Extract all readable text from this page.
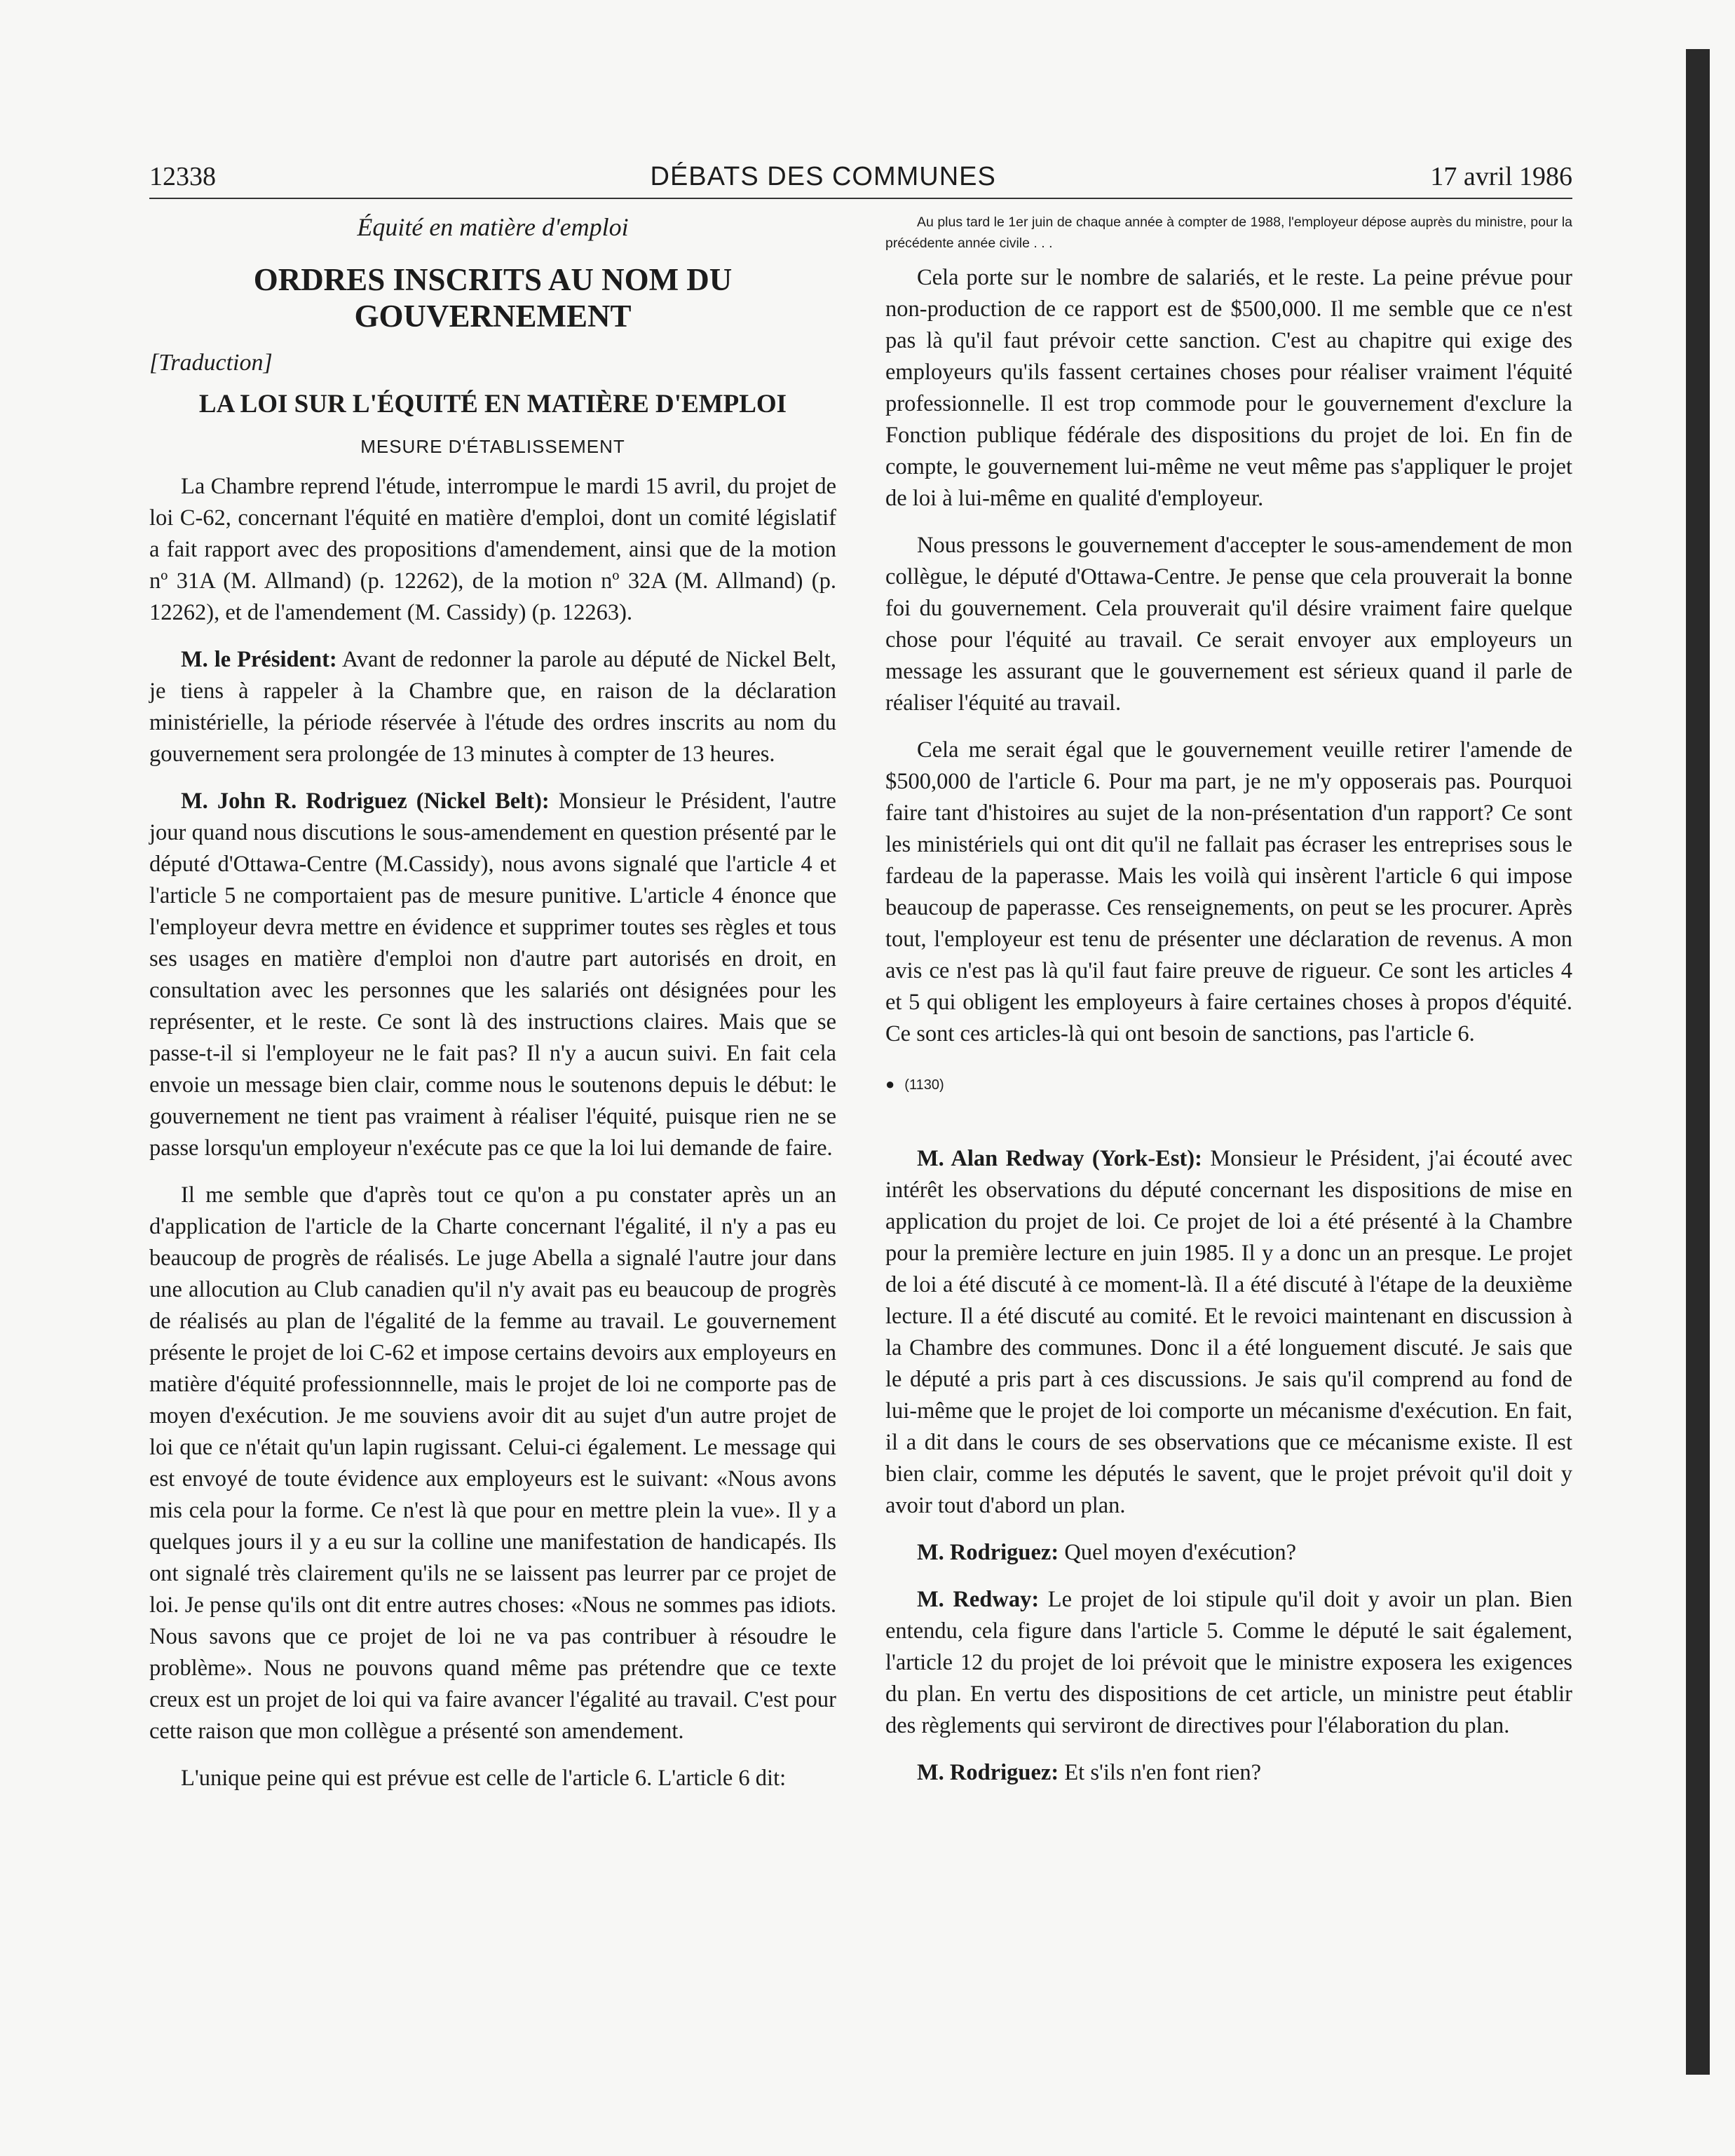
12338	DÉBATS DES COMMUNES	17 avril 1986
Équité en matière d'emploi
ORDRES INSCRITS AU NOM DU GOUVERNEMENT
[Traduction]
LA LOI SUR L'ÉQUITÉ EN MATIÈRE D'EMPLOI
MESURE D'ÉTABLISSEMENT

La Chambre reprend l'étude, interrompue le mardi 15 avril, du projet de loi C-62, concernant l'équité en matière d'emploi, dont un comité législatif a fait rapport avec des propositions d'amendement, ainsi que de la motion nº 31A (M. Allmand) (p. 12262), de la motion nº 32A (M. Allmand) (p. 12262), et de l'amendement (M. Cassidy) (p. 12263).

M. le Président: Avant de redonner la parole au député de Nickel Belt, je tiens à rappeler à la Chambre que, en raison de la déclaration ministérielle, la période réservée à l'étude des ordres inscrits au nom du gouvernement sera prolongée de 13 minutes à compter de 13 heures.

M. John R. Rodriguez (Nickel Belt): Monsieur le Président, l'autre jour quand nous discutions le sous-amendement en question présenté par le député d'Ottawa-Centre (M.Cassidy), nous avons signalé que l'article 4 et l'article 5 ne comportaient pas de mesure punitive. L'article 4 énonce que l'employeur devra mettre en évidence et supprimer toutes ses règles et tous ses usages en matière d'emploi non d'autre part autorisés en droit, en consultation avec les personnes que les salariés ont désignées pour les représenter, et le reste. Ce sont là des instructions claires. Mais que se passe-t-il si l'employeur ne le fait pas? Il n'y a aucun suivi. En fait cela envoie un message bien clair, comme nous le soutenons depuis le début: le gouvernement ne tient pas vraiment à réaliser l'équité, puisque rien ne se passe lorsqu'un employeur n'exécute pas ce que la loi lui demande de faire.

Il me semble que d'après tout ce qu'on a pu constater après un an d'application de l'article de la Charte concernant l'égalité, il n'y a pas eu beaucoup de progrès de réalisés. Le juge Abella a signalé l'autre jour dans une allocution au Club canadien qu'il n'y avait pas eu beaucoup de progrès de réalisés au plan de l'égalité de la femme au travail. Le gouvernement présente le projet de loi C-62 et impose certains devoirs aux employeurs en matière d'équité professionnnelle, mais le projet de loi ne comporte pas de moyen d'exécution. Je me souviens avoir dit au sujet d'un autre projet de loi que ce n'était qu'un lapin rugissant. Celui-ci également. Le message qui est envoyé de toute évidence aux employeurs est le suivant: «Nous avons mis cela pour la forme. Ce n'est là que pour en mettre plein la vue». Il y a quelques jours il y a eu sur la colline une manifestation de handicapés. Ils ont signalé très clairement qu'ils ne se laissent pas leurrer par ce projet de loi. Je pense qu'ils ont dit entre autres choses: «Nous ne sommes pas idiots. Nous savons que ce projet de loi ne va pas contribuer à résoudre le problème». Nous ne pouvons quand même pas prétendre que ce texte creux est un projet de loi qui va faire avancer l'égalité au travail. C'est pour cette raison que mon collègue a présenté son amendement.

L'unique peine qui est prévue est celle de l'article 6. L'article 6 dit:

Au plus tard le 1er juin de chaque année à compter de 1988, l'employeur dépose auprès du ministre, pour la précédente année civile . . .

Cela porte sur le nombre de salariés, et le reste. La peine prévue pour non-production de ce rapport est de $500,000. Il me semble que ce n'est pas là qu'il faut prévoir cette sanction. C'est au chapitre qui exige des employeurs qu'ils fassent certaines choses pour réaliser vraiment l'équité professionnelle. Il est trop commode pour le gouvernement d'exclure la Fonction publique fédérale des dispositions du projet de loi. En fin de compte, le gouvernement lui-même ne veut même pas s'appliquer le projet de loi à lui-même en qualité d'employeur.

Nous pressons le gouvernement d'accepter le sous-amendement de mon collègue, le député d'Ottawa-Centre. Je pense que cela prouverait la bonne foi du gouvernement. Cela prouverait qu'il désire vraiment faire quelque chose pour l'équité au travail. Ce serait envoyer aux employeurs un message les assurant que le gouvernement est sérieux quand il parle de réaliser l'équité au travail.

Cela me serait égal que le gouvernement veuille retirer l'amende de $500,000 de l'article 6. Pour ma part, je ne m'y opposerais pas. Pourquoi faire tant d'histoires au sujet de la non-présentation d'un rapport? Ce sont les ministériels qui ont dit qu'il ne fallait pas écraser les entreprises sous le fardeau de la paperasse. Mais les voilà qui insèrent l'article 6 qui impose beaucoup de paperasse. Ces renseignements, on peut se les procurer. Après tout, l'employeur est tenu de présenter une déclaration de revenus. A mon avis ce n'est pas là qu'il faut faire preuve de rigueur. Ce sont les articles 4 et 5 qui obligent les employeurs à faire certaines choses à propos d'équité. Ce sont ces articles-là qui ont besoin de sanctions, pas l'article 6.

● (1130)

M. Alan Redway (York-Est): Monsieur le Président, j'ai écouté avec intérêt les observations du député concernant les dispositions de mise en application du projet de loi. Ce projet de loi a été présenté à la Chambre pour la première lecture en juin 1985. Il y a donc un an presque. Le projet de loi a été discuté à ce moment-là. Il a été discuté à l'étape de la deuxième lecture. Il a été discuté au comité. Et le revoici maintenant en discussion à la Chambre des communes. Donc il a été longuement discuté. Je sais que le député a pris part à ces discussions. Je sais qu'il comprend au fond de lui-même que le projet de loi comporte un mécanisme d'exécution. En fait, il a dit dans le cours de ses observations que ce mécanisme existe. Il est bien clair, comme les députés le savent, que le projet prévoit qu'il doit y avoir tout d'abord un plan.

M. Rodriguez: Quel moyen d'exécution?

M. Redway: Le projet de loi stipule qu'il doit y avoir un plan. Bien entendu, cela figure dans l'article 5. Comme le député le sait également, l'article 12 du projet de loi prévoit que le ministre exposera les exigences du plan. En vertu des dispositions de cet article, un ministre peut établir des règlements qui serviront de directives pour l'élaboration du plan.

M. Rodriguez: Et s'ils n'en font rien?
